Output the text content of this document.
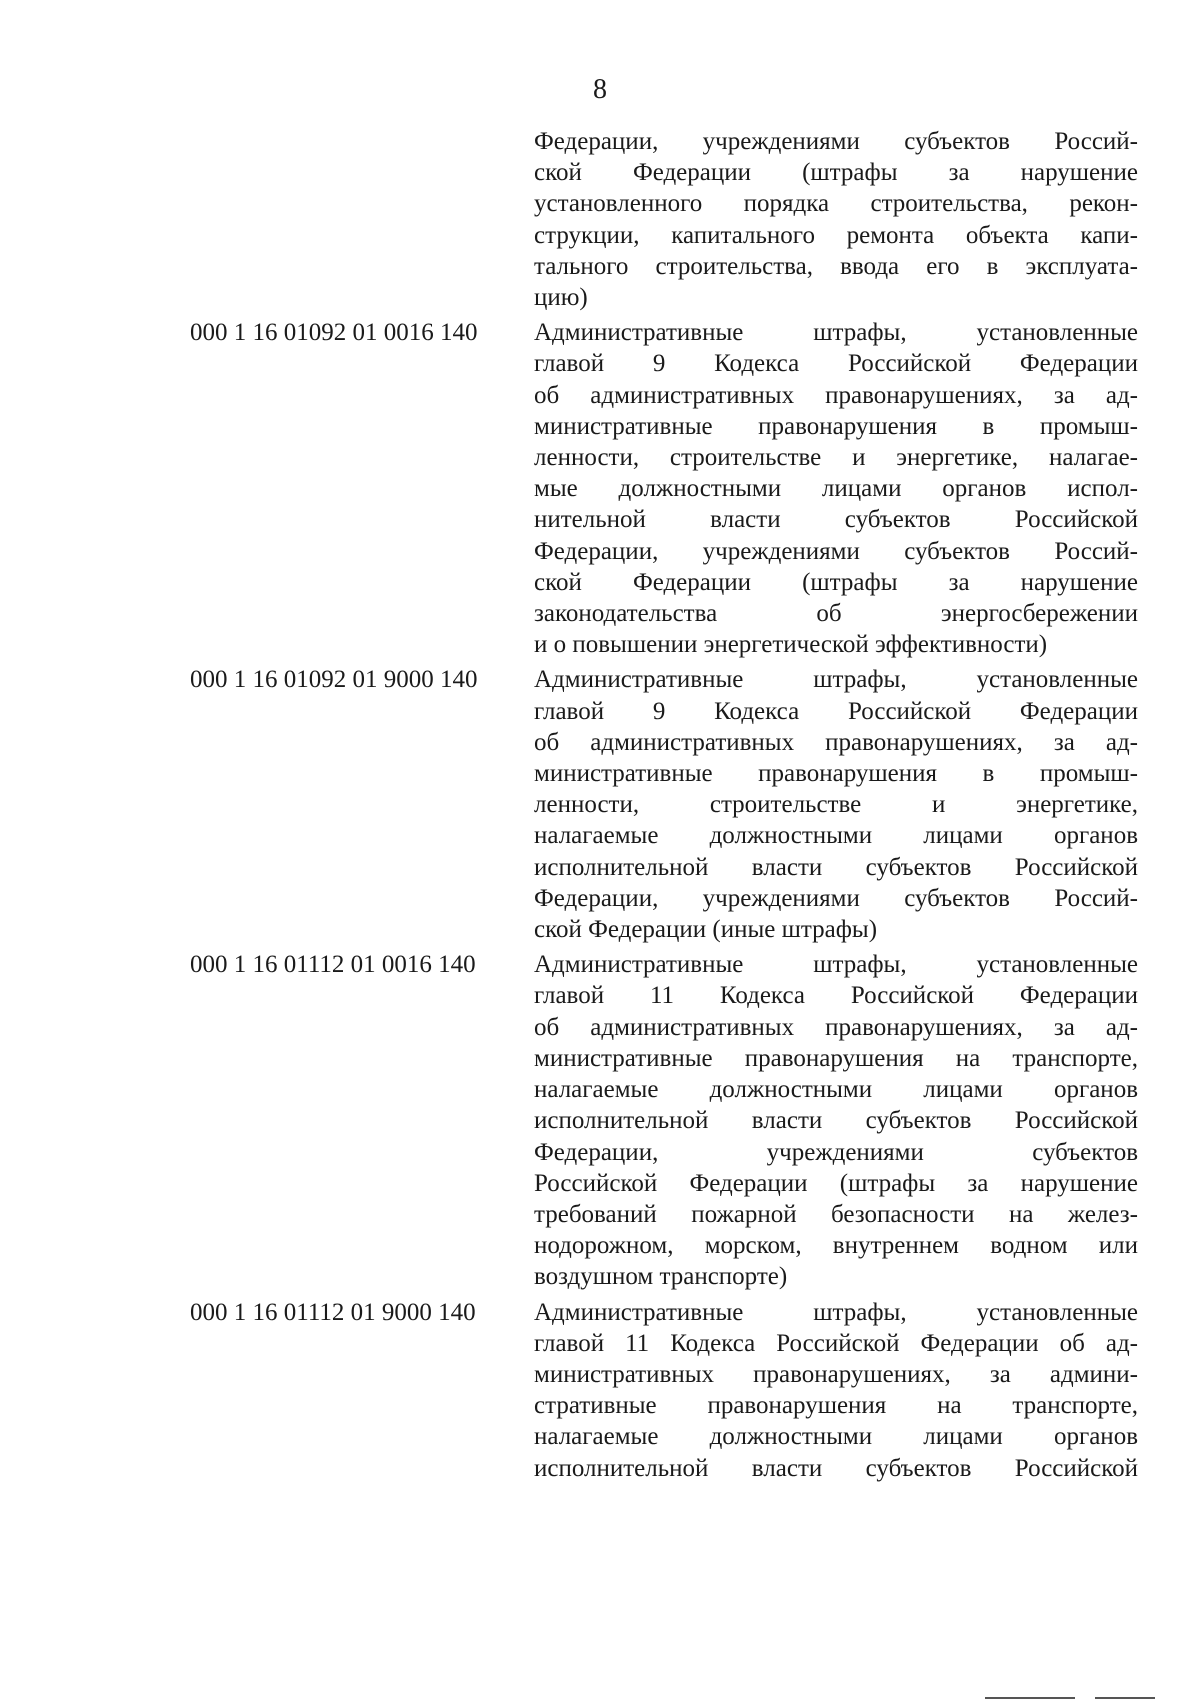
8
Федерации, учреждениями субъектов Россий-
ской Федерации (штрафы за нарушение
установленного порядка строительства, рекон-
струкции, капитального ремонта объекта капи-
тального строительства, ввода его в эксплуата-
цию)
000 1 16 01092 01 0016 140	Административные штрафы, установленные
главой 9 Кодекса Российской Федерации
об административных правонарушениях, за ад-
министративные правонарушения в промыш-
ленности, строительстве и энергетике, налагае-
мые должностными лицами органов испол-
нительной власти субъектов Российской
Федерации, учреждениями субъектов Россий-
ской Федерации (штрафы за нарушение
законодательства об энергосбережении
и о повышении энергетической эффективности)
000 1 16 01092 01 9000 140	Административные штрафы, установленные
главой 9 Кодекса Российской Федерации
об административных правонарушениях, за ад-
министративные правонарушения в промыш-
ленности, строительстве и энергетике,
налагаемые должностными лицами органов
исполнительной власти субъектов Российской
Федерации, учреждениями субъектов Россий-
ской Федерации (иные штрафы)
000 1 16 01112 01 0016 140	Административные штрафы, установленные
главой 11 Кодекса Российской Федерации
об административных правонарушениях, за ад-
министративные правонарушения на транспорте,
налагаемые должностными лицами органов
исполнительной власти субъектов Российской
Федерации, учреждениями субъектов
Российской Федерации (штрафы за нарушение
требований пожарной безопасности на желез-
нодорожном, морском, внутреннем водном или
воздушном транспорте)
000 1 16 01112 01 9000 140	Административные штрафы, установленные
главой 11 Кодекса Российской Федерации об ад-
министративных правонарушениях, за админи-
стративные правонарушения на транспорте,
налагаемые должностными лицами органов
исполнительной власти субъектов Российской
